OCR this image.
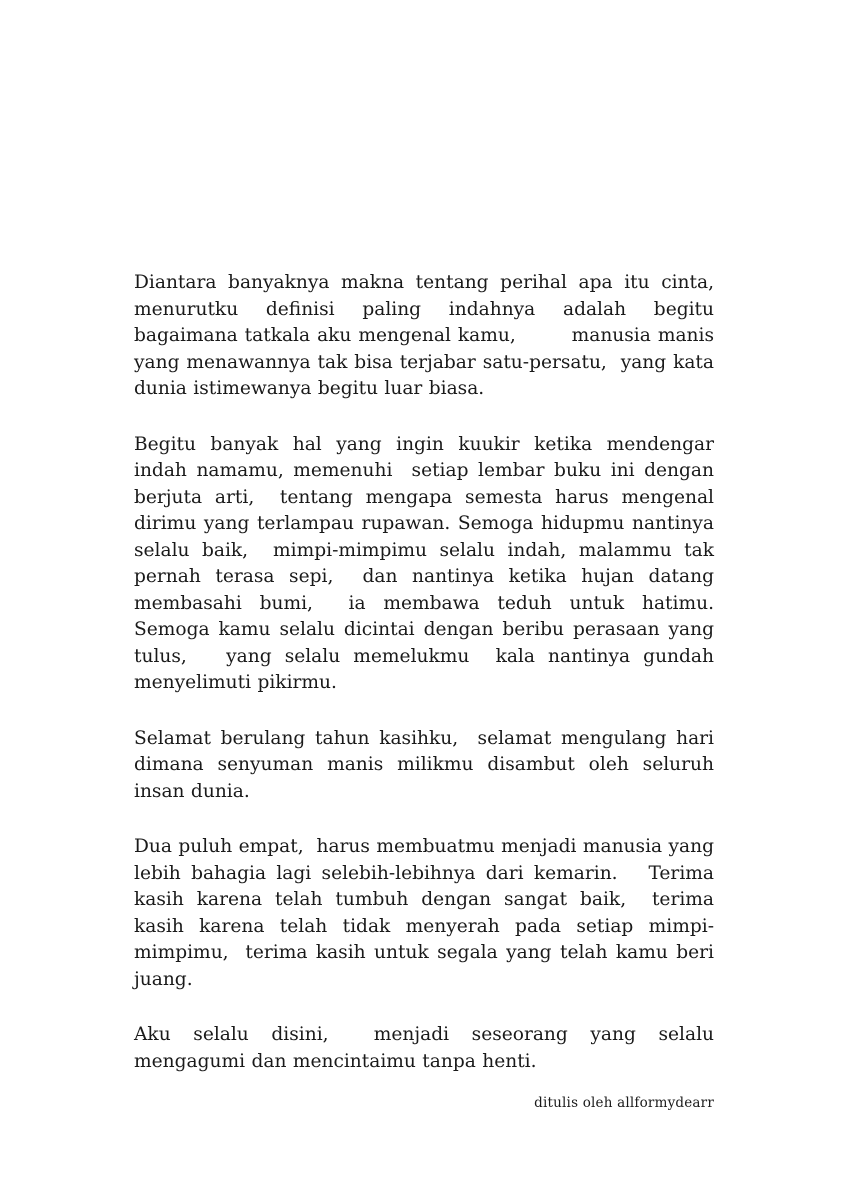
Diantara banyaknya makna tentang perihal apa itu cinta,  menurutku definisi paling indahnya adalah begitu bagaimana tatkala aku mengenal kamu,        manusia manis yang menawannya tak bisa terjabar satu-persatu,  yang kata dunia istimewanya begitu luar biasa.

Begitu banyak hal yang ingin kuukir ketika mendengar indah namamu, memenuhi  setiap lembar buku ini dengan berjuta arti,  tentang mengapa semesta harus mengenal dirimu yang terlampau rupawan. Semoga hidupmu nantinya selalu baik,  mimpi-mimpimu selalu indah, malammu tak pernah terasa sepi,  dan nantinya ketika hujan datang membasahi bumi,  ia membawa teduh untuk hatimu.  Semoga kamu selalu dicintai dengan beribu perasaan yang tulus,   yang selalu memelukmu  kala nantinya gundah menyelimuti pikirmu.

Selamat berulang tahun kasihku,  selamat mengulang hari dimana senyuman manis milikmu disambut oleh seluruh insan dunia.

Dua puluh empat,  harus membuatmu menjadi manusia yang lebih bahagia lagi selebih-lebihnya dari kemarin.   Terima kasih karena telah tumbuh dengan sangat baik,  terima kasih karena telah tidak menyerah pada setiap mimpi-mimpimu,  terima kasih untuk segala yang telah kamu beri juang.

Aku selalu disini,  menjadi seseorang yang selalu mengagumi dan mencintaimu tanpa henti.

ditulis oleh allformydearr
